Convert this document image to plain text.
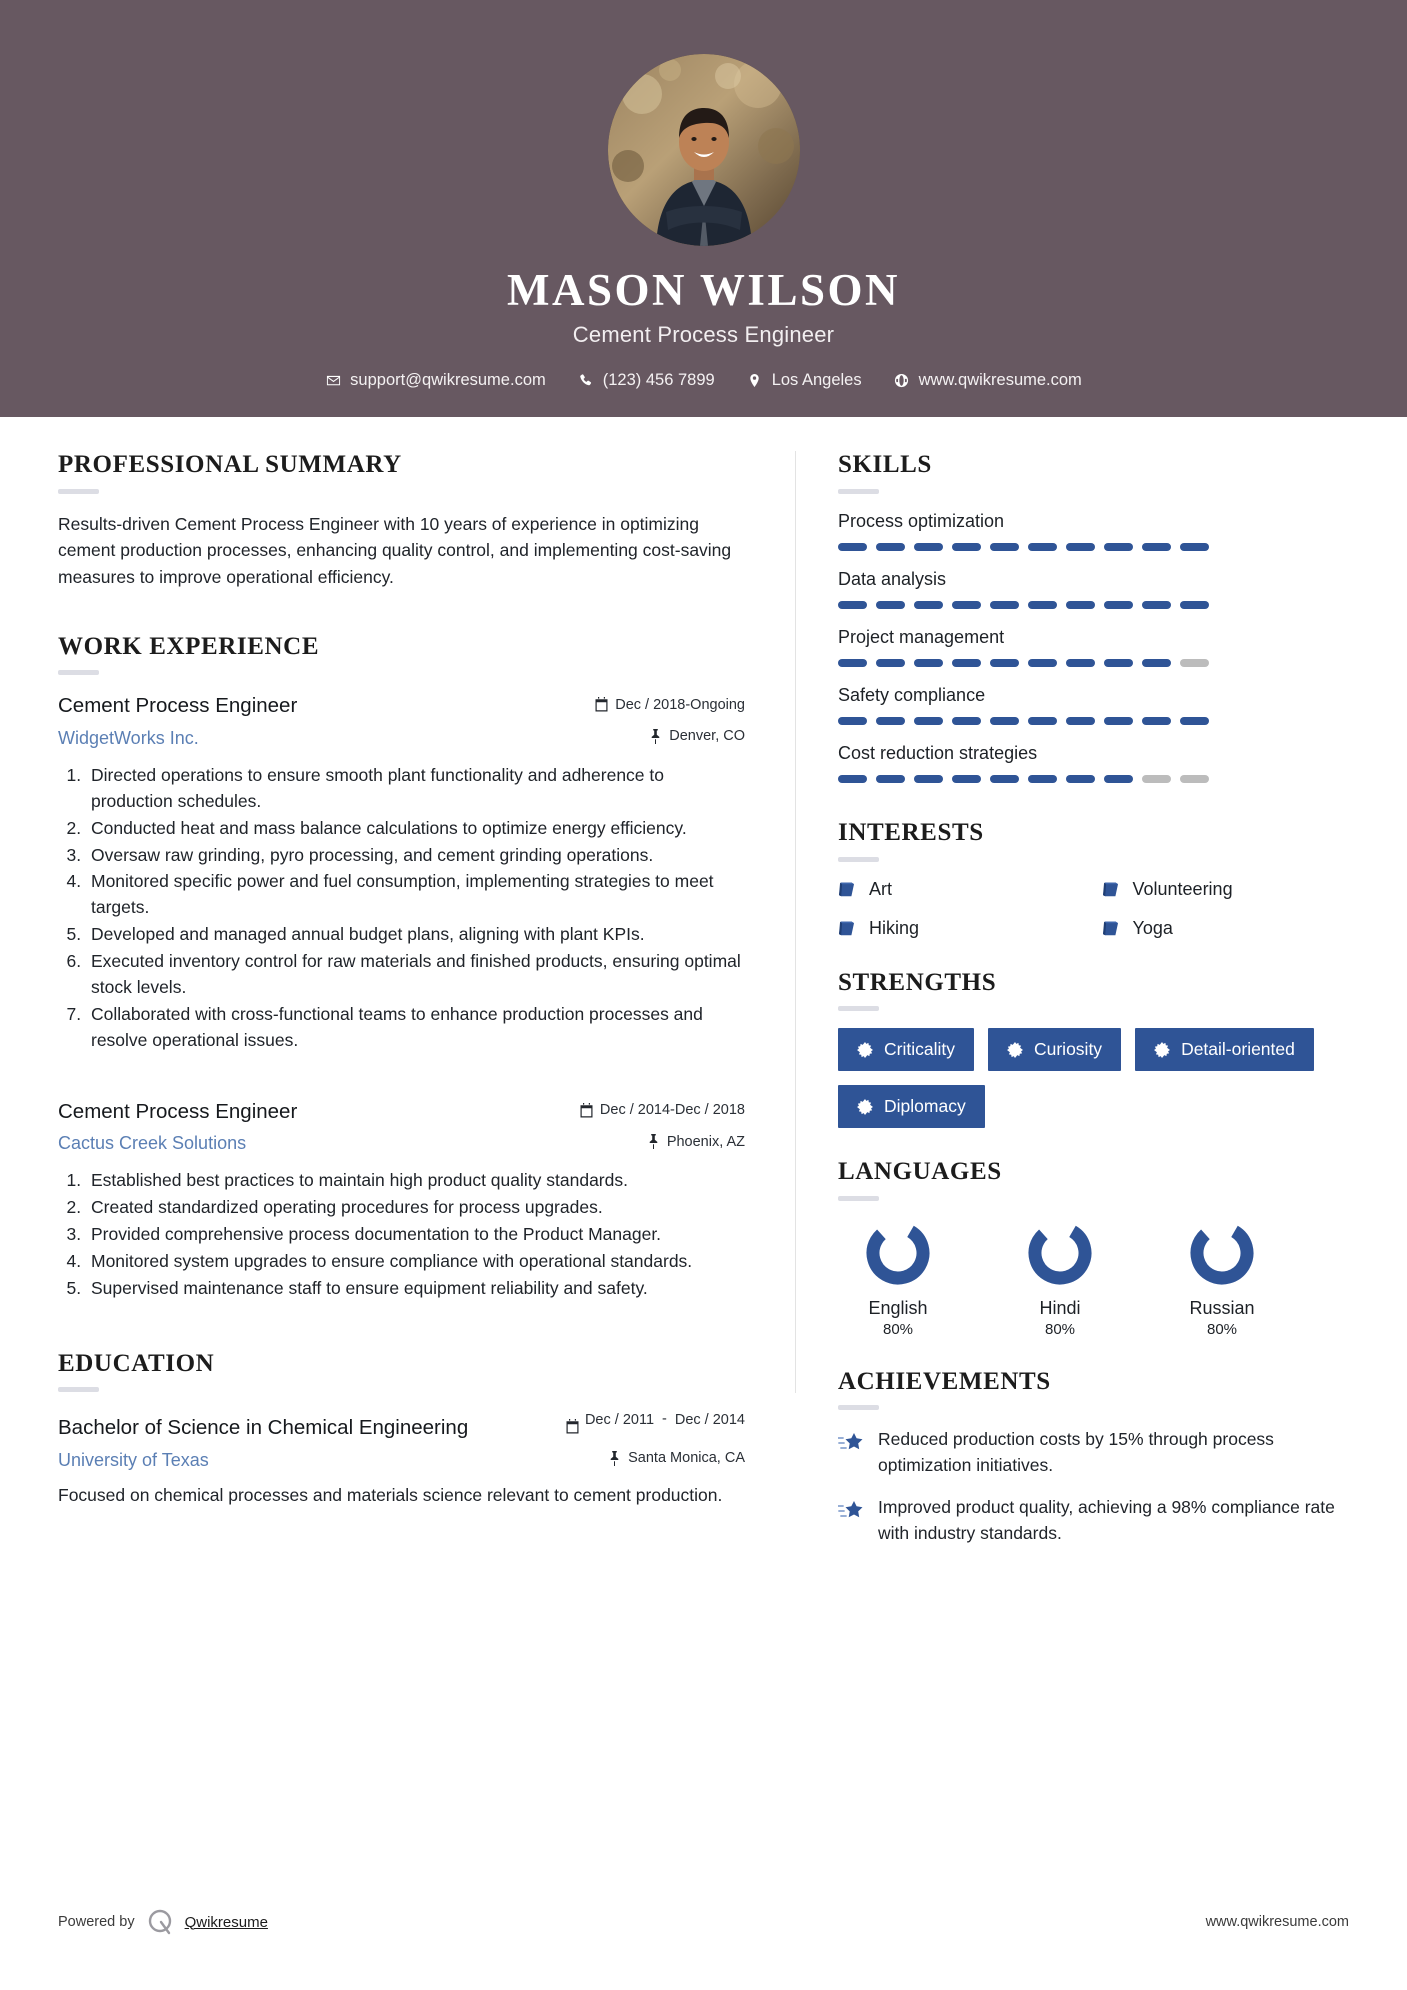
MASON WILSON
Cement Process Engineer
support@qwikresume.com	(123) 456 7899	Los Angeles	www.qwikresume.com
PROFESSIONAL SUMMARY
Results-driven Cement Process Engineer with 10 years of experience in optimizing cement production processes, enhancing quality control, and implementing cost-saving measures to improve operational efficiency.
WORK EXPERIENCE
Cement Process Engineer	Dec / 2018-Ongoing
WidgetWorks Inc.	Denver, CO
1. Directed operations to ensure smooth plant functionality and adherence to production schedules.
2. Conducted heat and mass balance calculations to optimize energy efficiency.
3. Oversaw raw grinding, pyro processing, and cement grinding operations.
4. Monitored specific power and fuel consumption, implementing strategies to meet targets.
5. Developed and managed annual budget plans, aligning with plant KPIs.
6. Executed inventory control for raw materials and finished products, ensuring optimal stock levels.
7. Collaborated with cross-functional teams to enhance production processes and resolve operational issues.
Cement Process Engineer	Dec / 2014-Dec / 2018
Cactus Creek Solutions	Phoenix, AZ
1. Established best practices to maintain high product quality standards.
2. Created standardized operating procedures for process upgrades.
3. Provided comprehensive process documentation to the Product Manager.
4. Monitored system upgrades to ensure compliance with operational standards.
5. Supervised maintenance staff to ensure equipment reliability and safety.
EDUCATION
Bachelor of Science in Chemical Engineering	Dec / 2011 - Dec / 2014
University of Texas	Santa Monica, CA
Focused on chemical processes and materials science relevant to cement production.
SKILLS
Process optimization
Data analysis
Project management
Safety compliance
Cost reduction strategies
INTERESTS
Art	Volunteering
Hiking	Yoga
STRENGTHS
Criticality	Curiosity	Detail-oriented
Diplomacy
LANGUAGES
English
80%
Hindi
80%
Russian
80%
ACHIEVEMENTS
Reduced production costs by 15% through process optimization initiatives.
Improved product quality, achieving a 98% compliance rate with industry standards.
Powered by	Qwikresume	www.qwikresume.com
